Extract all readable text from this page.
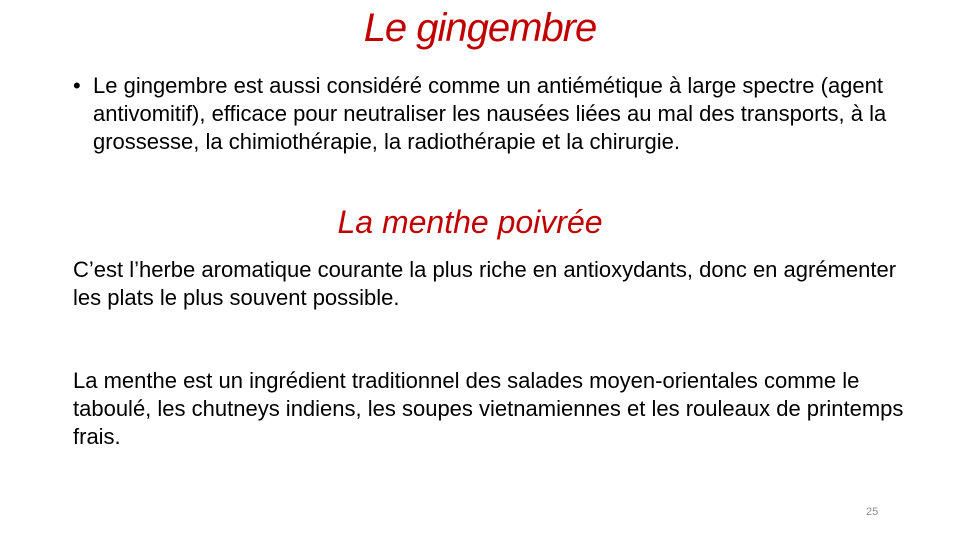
Le gingembre
• Le gingembre est aussi considéré comme un antiémétique à large spectre (agent antivomitif), efficace pour neutraliser les nausées liées au mal des transports, à la grossesse, la chimiothérapie, la radiothérapie et la chirurgie.
La menthe poivrée

C’est l’herbe aromatique courante la plus riche en antioxydants, donc en agrémenter les plats le plus souvent possible.

La menthe est un ingrédient traditionnel des salades moyen-orientales comme le taboulé, les chutneys indiens, les soupes vietnamiennes et les rouleaux de printemps frais.

25
